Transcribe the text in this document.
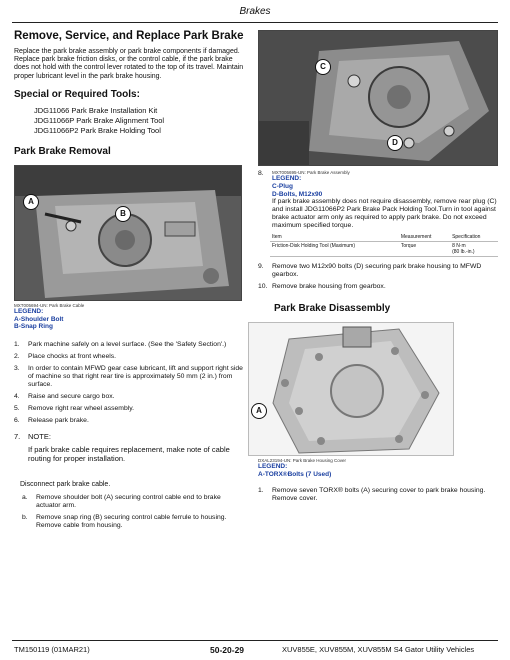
Brakes
Remove, Service, and Replace Park Brake

Replace the park brake assembly or park brake components if damaged. Replace park brake friction disks, or the control cable, if the park brake does not hold with the control lever rotated to the top of its travel. Maintain proper lubricant level in the park brake housing.

Special or Required Tools:
JDG11066 Park Brake Installation Kit
JDG11066P Park Brake Alignment Tool
JDG11066P2 Park Brake Holding Tool
Park Brake Removal
A
B
MXT005694-UN: Park Brake Cable
LEGEND:
A-Shoulder Bolt
B-Snap Ring
1.	Park machine safely on a level surface. (See the 'Safety Section'.)
2.	Place chocks at front wheels.
3.	In order to contain MFWD gear case lubricant, lift and support right side of machine so that right rear tire is approximately 50 mm (2 in.) from surface.
4.	Raise and secure cargo box.
5.	Remove right rear wheel assembly.
6.	Release park brake.
7.	NOTE:

If park brake cable requires replacement, make note of cable routing for proper installation.

Disconnect park brake cable.

a.	Remove shoulder bolt (A) securing control cable end to brake actuator arm.
b.	Remove snap ring (B) securing control cable ferrule to housing. Remove cable from housing.
C
D
8.	MXT005695-UN: Park Brake Assembly
LEGEND:
C-Plug
D-Bolts, M12x90

If park brake assembly does not require disassembly, remove rear plug (C) and install JDG11066P2 Park Brake Pack Holding Tool.Turn in tool against brake actuator arm only as required to apply park brake. Do not exceed maximum specified torque.

Item	Measurement	Specification
Friction-Disk Holding Tool (Maximum)	Torque	8 N·m
(80 lb.-in.)
9.	Remove two M12x90 bolts (D) securing park brake housing to MFWD gearbox.
10. Remove brake housing from gearbox.
Park Brake Disassembly
A
DXAL23194-UN: Park Brake Housing Cover
LEGEND:
A-TORX®Bolts (7 Used)
1.	Remove seven TORX® bolts (A) securing cover to park brake housing. Remove cover.
TM150119 (01MAR21)	50-20-29	XUV855E, XUV855M, XUV855M S4 Gator Utility Vehicles
